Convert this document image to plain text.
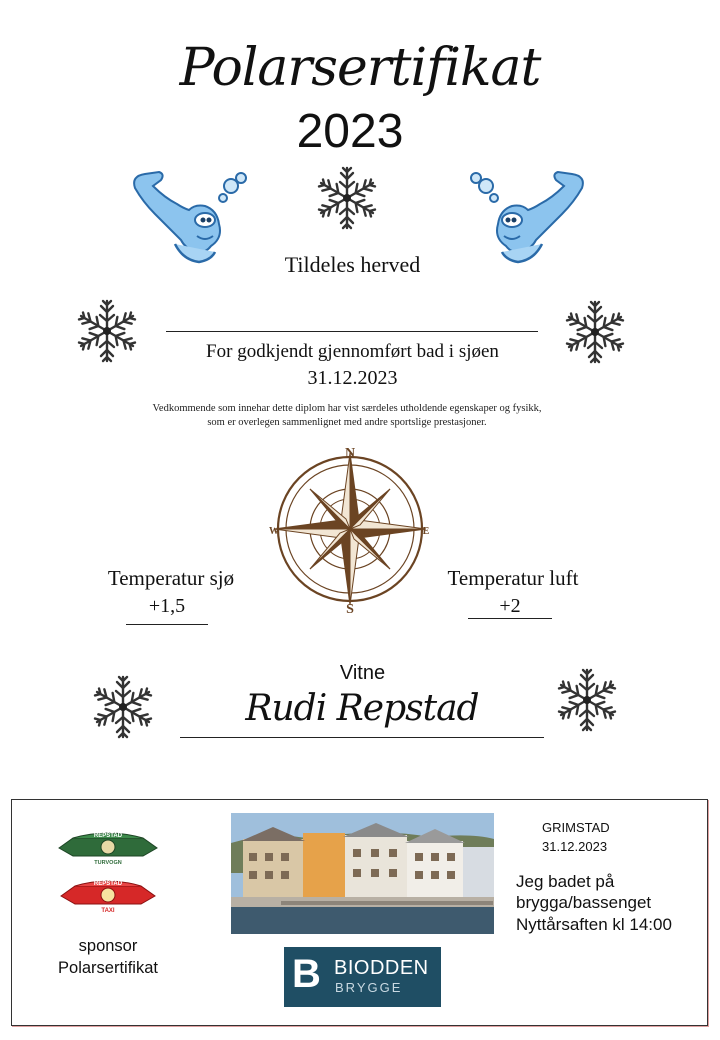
Polarsertifikat
2023
Tildeles herved
For godkjendt gjennomført bad i sjøen
31.12.2023
Vedkommende som innehar dette diplom har vist særdeles utholdende egenskaper og fysikk,
som er overlegen sammenlignet med andre sportslige prestasjoner.
N
S
E
W
Temperatur sjø
+1,5
Temperatur luft
+2
Vitne
Rudi Repstad
REPSTAD
TURVOGN
REPSTAD
TAXI
sponsor
Polarsertifikat	B BIODDEN
BRYGGE
GRIMSTAD
31.12.2023
Jeg badet på
brygga/bassenget
Nyttårsaften kl 14:00
